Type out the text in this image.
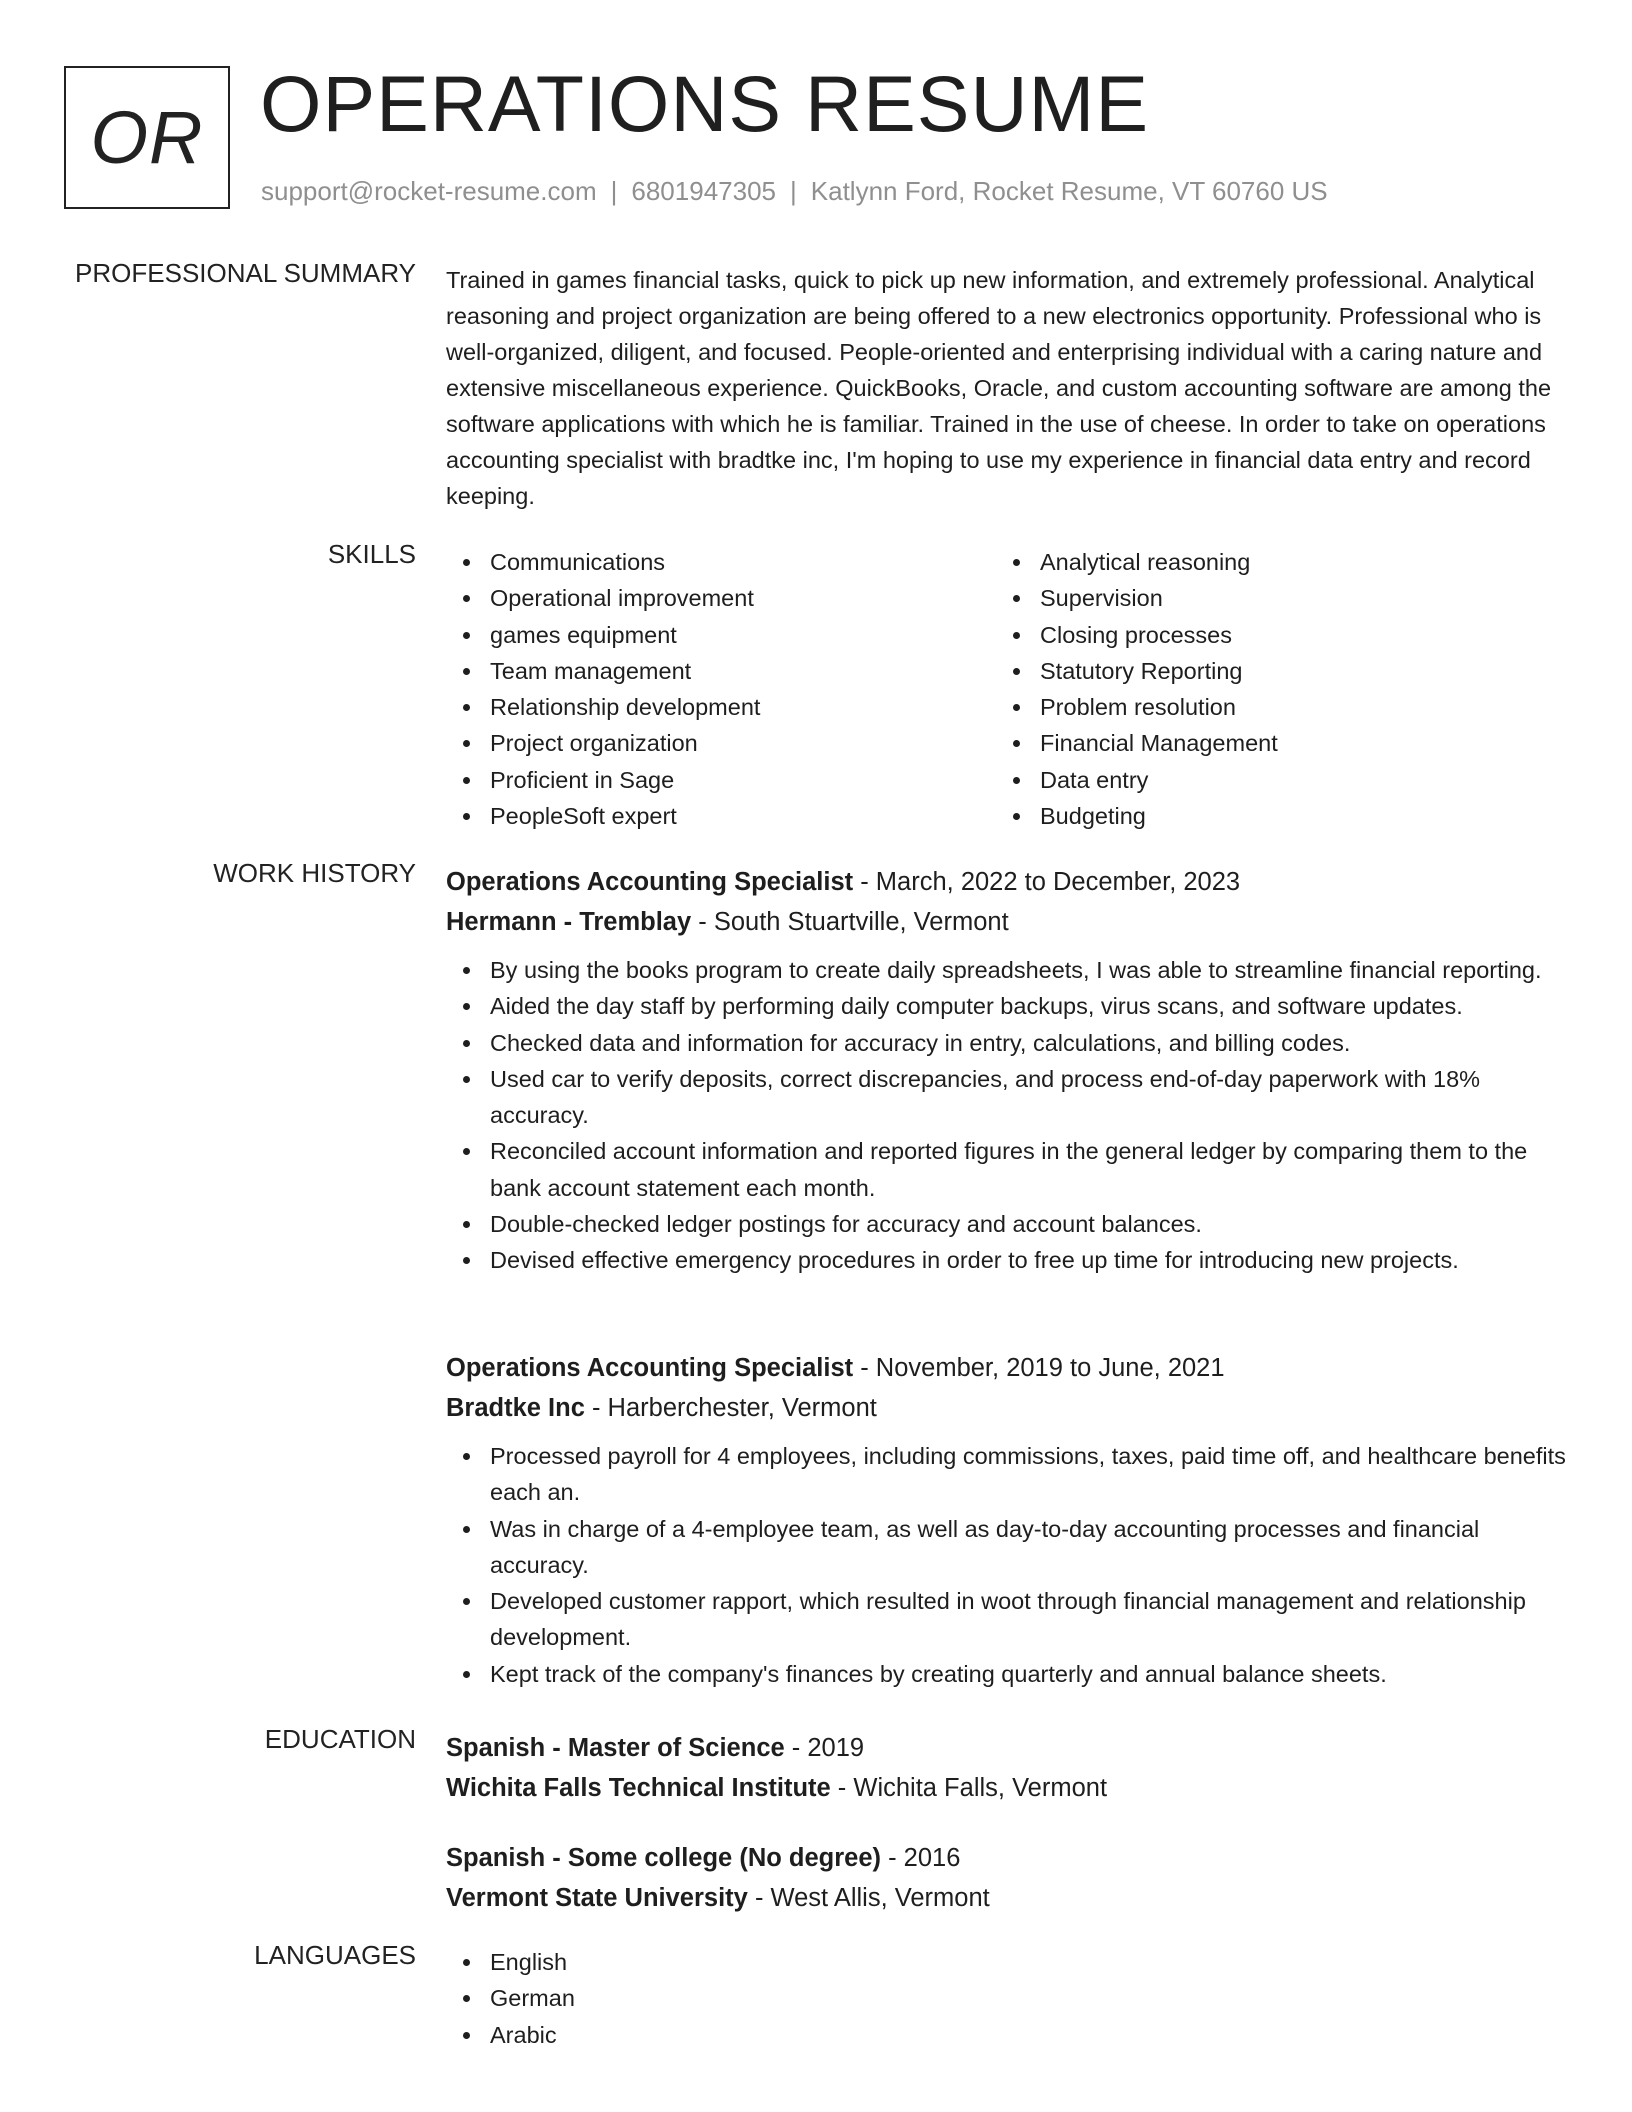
OR OPERATIONS RESUME
support@rocket-resume.com | 6801947305 | Katlynn Ford, Rocket Resume, VT 60760 US
PROFESSIONAL SUMMARY Trained in games financial tasks, quick to pick up new information, and extremely professional. Analytical reasoning and project organization are being offered to a new electronics opportunity. Professional who is well-organized, diligent, and focused. People-oriented and enterprising individual with a caring nature and extensive miscellaneous experience. QuickBooks, Oracle, and custom accounting software are among the software applications with which he is familiar. Trained in the use of cheese. In order to take on operations accounting specialist with bradtke inc, I'm hoping to use my experience in financial data entry and record keeping.

SKILLS	Communications
Operational improvement
games equipment
Team management
Relationship development
Project organization
Proficient in Sage
PeopleSoft expert
Analytical reasoning
Supervision
Closing processes
Statutory Reporting
Problem resolution
Financial Management
Data entry
Budgeting
WORK HISTORY Operations Accounting Specialist - March, 2022 to December, 2023
Hermann - Tremblay - South Stuartville, Vermont
By using the books program to create daily spreadsheets, I was able to streamline financial reporting.
Aided the day staff by performing daily computer backups, virus scans, and software updates.
Checked data and information for accuracy in entry, calculations, and billing codes.
Used car to verify deposits, correct discrepancies, and process end-of-day paperwork with 18% accuracy.
Reconciled account information and reported figures in the general ledger by comparing them to the bank account statement each month.
Double-checked ledger postings for accuracy and account balances.
Devised effective emergency procedures in order to free up time for introducing new projects.
Operations Accounting Specialist - November, 2019 to June, 2021
Bradtke Inc - Harberchester, Vermont
Processed payroll for 4 employees, including commissions, taxes, paid time off, and healthcare benefits each an.
Was in charge of a 4-employee team, as well as day-to-day accounting processes and financial accuracy.
Developed customer rapport, which resulted in woot through financial management and relationship development.
Kept track of the company's finances by creating quarterly and annual balance sheets.
EDUCATION Spanish - Master of Science - 2019
Wichita Falls Technical Institute - Wichita Falls, Vermont
Spanish - Some college (No degree) - 2016
Vermont State University - West Allis, Vermont
LANGUAGES	English
German
Arabic
